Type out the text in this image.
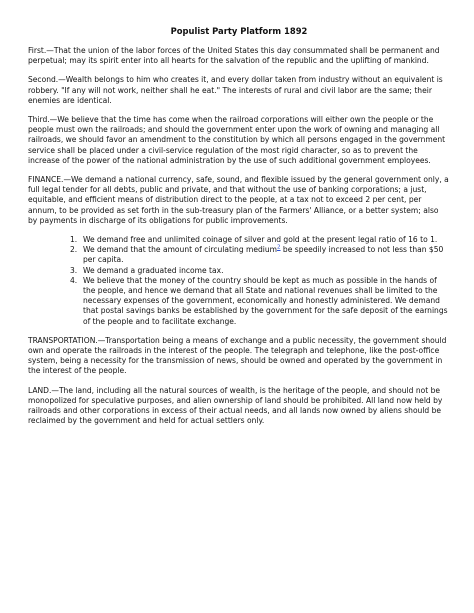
Populist Party Platform 1892

First.—That the union of the labor forces of the United States this day consummated shall be permanent and perpetual; may its spirit enter into all hearts for the salvation of the republic and the uplifting of mankind.

Second.—Wealth belongs to him who creates it, and every dollar taken from industry without an equivalent is robbery. "If any will not work, neither shall he eat." The interests of rural and civil labor are the same; their enemies are identical.

Third.—We believe that the time has come when the railroad corporations will either own the people or the people must own the railroads; and should the government enter upon the work of owning and managing all railroads, we should favor an amendment to the constitution by which all persons engaged in the government service shall be placed under a civil-service regulation of the most rigid character, so as to prevent the increase of the power of the national administration by the use of such additional government employees.

FINANCE.—We demand a national currency, safe, sound, and flexible issued by the general government only, a full legal tender for all debts, public and private, and that without the use of banking corporations; a just, equitable, and efficient means of distribution direct to the people, at a tax not to exceed 2 per cent, per annum, to be provided as set forth in the sub-treasury plan of the Farmers' Alliance, or a better system; also by payments in discharge of its obligations for public improvements.

1. We demand free and unlimited coinage of silver and gold at the present legal ratio of 16 to 1.
2. We demand that the amount of circulating medium$^2$ be speedily increased to not less than $50 per capita.
3. We demand a graduated income tax.
4. We believe that the money of the country should be kept as much as possible in the hands of the people, and hence we demand that all State and national revenues shall be limited to the necessary expenses of the government, economically and honestly administered. We demand that postal savings banks be established by the government for the safe deposit of the earnings of the people and to facilitate exchange.

TRANSPORTATION.—Transportation being a means of exchange and a public necessity, the government should own and operate the railroads in the interest of the people. The telegraph and telephone, like the post-office system, being a necessity for the transmission of news, should be owned and operated by the government in the interest of the people.

LAND.—The land, including all the natural sources of wealth, is the heritage of the people, and should not be monopolized for speculative purposes, and alien ownership of land should be prohibited. All land now held by railroads and other corporations in excess of their actual needs, and all lands now owned by aliens should be reclaimed by the government and held for actual settlers only.
